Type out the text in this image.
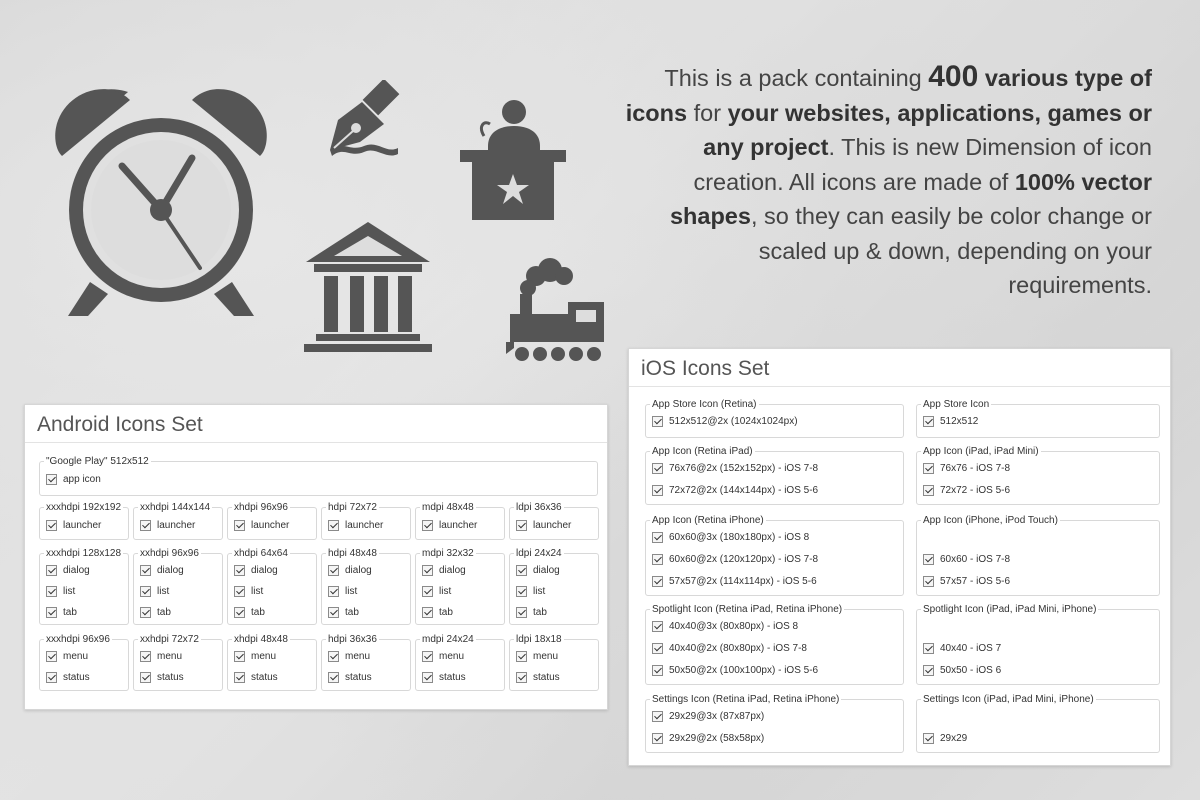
This is a pack containing 400 various type of icons for your websites, applications, games or any project. This is new Dimension of icon creation. All icons are made of 100% vector shapes, so they can easily be color change or scaled up & down, depending on your requirements.
Android Icons Set
"Google Play" 512x512
app icon
xxxhdpi 192x192
launcher
xxhdpi 144x144
launcher
xhdpi 96x96
launcher
hdpi 72x72
launcher
mdpi 48x48
launcher
ldpi 36x36
launcher
xxxhdpi 128x128
dialog
list
tab
xxhdpi 96x96
dialog
list
tab
xhdpi 64x64
dialog
list
tab
hdpi 48x48
dialog
list
tab
mdpi 32x32
dialog
list
tab
ldpi 24x24
dialog
list
tab
xxxhdpi 96x96
menu
status
xxhdpi 72x72
menu
status
xhdpi 48x48
menu
status
hdpi 36x36
menu
status
mdpi 24x24
menu
status
ldpi 18x18
menu
status
iOS Icons Set
App Store Icon (Retina)
512x512@2x (1024x1024px)
App Icon (Retina iPad)
76x76@2x (152x152px) - iOS 7-8
72x72@2x (144x144px) - iOS 5-6
App Icon (Retina iPhone)
60x60@3x (180x180px) - iOS 8
60x60@2x (120x120px) - iOS 7-8
57x57@2x (114x114px) - iOS 5-6
Spotlight Icon (Retina iPad, Retina iPhone)
40x40@3x (80x80px) - iOS 8
40x40@2x (80x80px) - iOS 7-8
50x50@2x (100x100px) - iOS 5-6
Settings Icon (Retina iPad, Retina iPhone)
29x29@3x (87x87px)
29x29@2x (58x58px)
App Store Icon
512x512
App Icon (iPad, iPad Mini)
76x76 - iOS 7-8
72x72 - iOS 5-6
App Icon (iPhone, iPod Touch)
60x60 - iOS 7-8
57x57 - iOS 5-6
Spotlight Icon (iPad, iPad Mini, iPhone)
40x40 - iOS 7
50x50 - iOS 6
Settings Icon (iPad, iPad Mini, iPhone)
29x29
